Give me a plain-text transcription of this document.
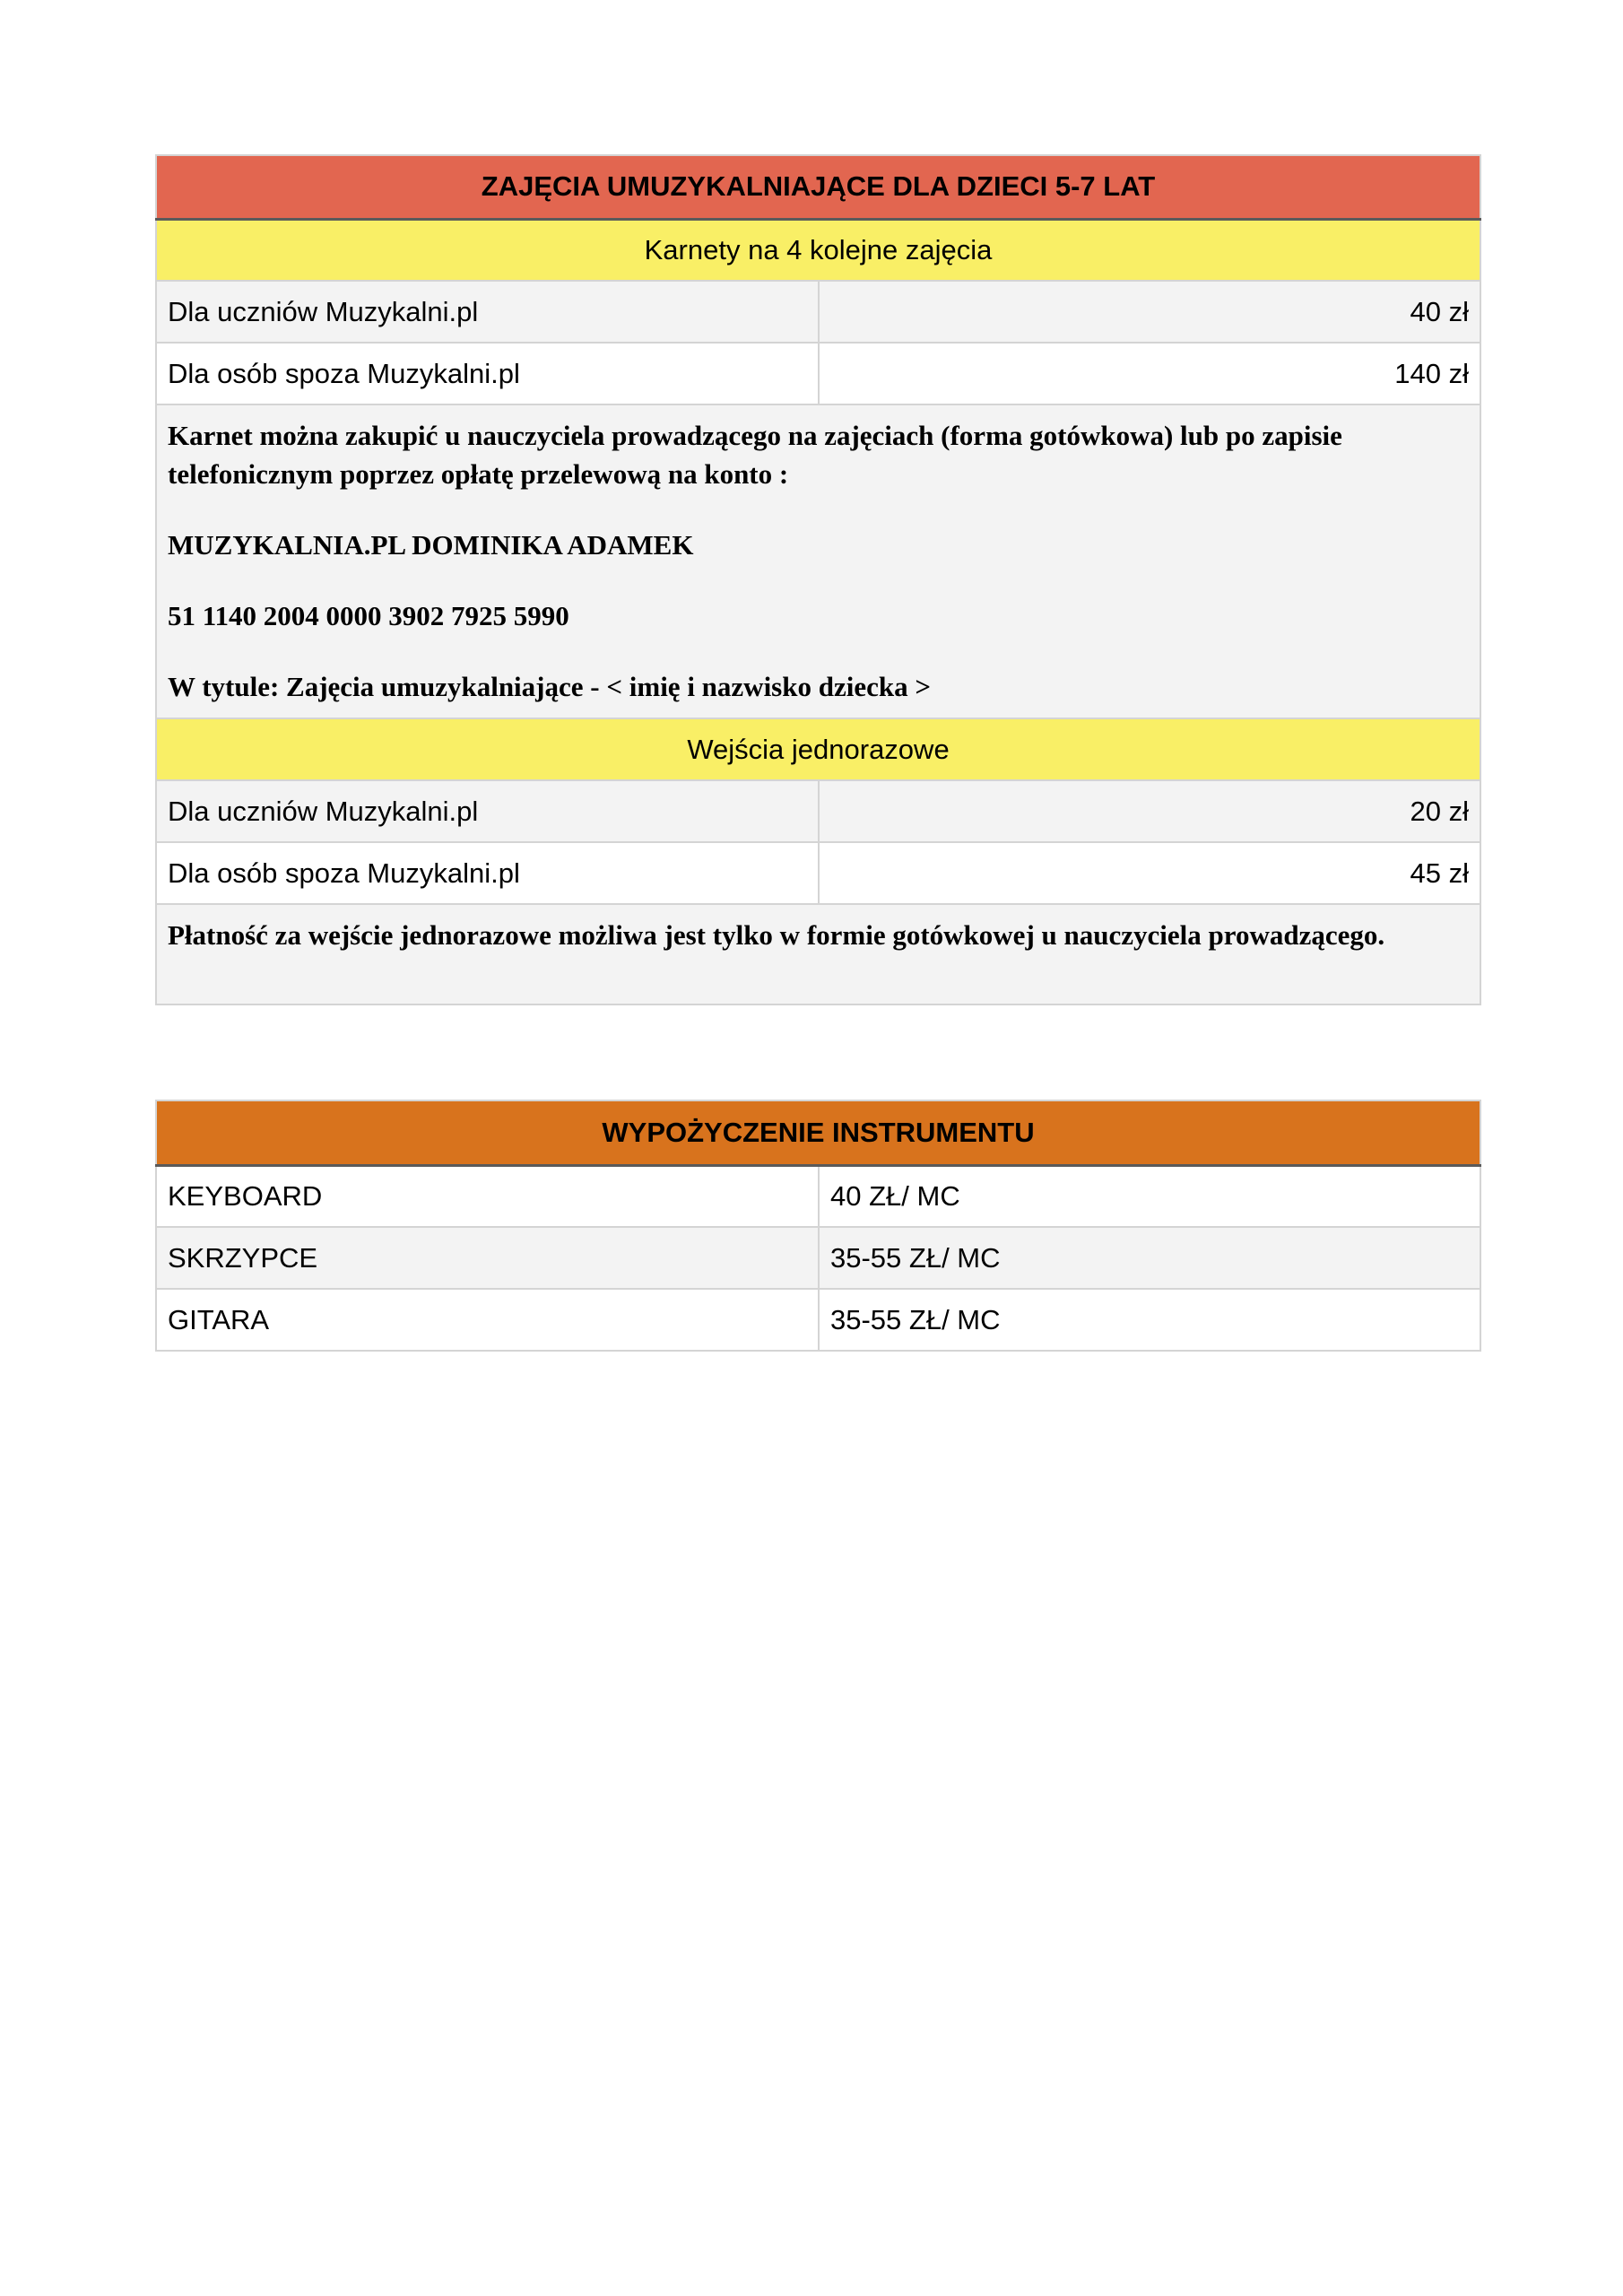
ZAJĘCIA UMUZYKALNIAJĄCE DLA DZIECI 5-7 LAT	
Karnety na 4 kolejne zajęcia	
Dla uczniów Muzykalni.pl	40 zł
Dla osób spoza Muzykalni.pl	140 zł

Karnet można zakupić u nauczyciela prowadzącego na zajęciach (forma gotówkowa) lub po zapisie telefonicznym poprzez opłatę przelewową na konto :

MUZYKALNIA.PL DOMINIKA ADAMEK

51 1140 2004 0000 3902 7925 5990

W tytule: Zajęcia umuzykalniające - < imię i nazwisko dziecka >	

Wejścia jednorazowe	
Dla uczniów Muzykalni.pl	20 zł
Dla osób spoza Muzykalni.pl	45 zł

Płatność za wejście jednorazowe możliwa jest tylko w formie gotówkowej u nauczyciela prowadzącego.	

WYPOŻYCZENIE INSTRUMENTU	
KEYBOARD	40 ZŁ/ MC
SKRZYPCE	35-55 ZŁ/ MC
GITARA	35-55 ZŁ/ MC
